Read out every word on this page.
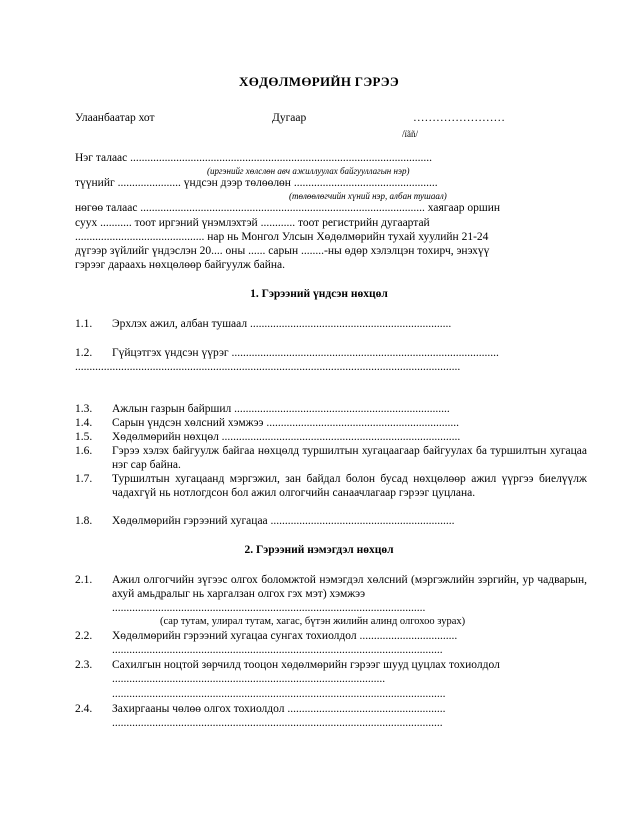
ХӨДӨЛМӨРИЙН ГЭРЭЭ
Улаанбаатар хот	Дугаар	……………………
/ïãñ/
Нэг талаас .........................................................................................................
(иргэнийг хөлслөн авч ажиллуулах байгууллагын нэр)
түүнийг ...................... үндсэн дээр төлөөлөн ..................................................
(төлөөлөгчийн хүний нэр, албан тушаал)
нөгөө талаас ................................................................................................... хаягаар оршин
суух ........... тоот иргэний үнэмлэхтэй ............ тоот регистрийн дугаартай
............................................. нар нь Монгол Улсын Хөдөлмөрийн тухай хуулийн 21-24
дүгээр зүйлийг үндэслэн 20.... оны ...... сарын ........-ны өдөр хэлэлцэн тохирч, энэхүү
гэрээг дараахь нөхцөлөөр байгуулж байна.
1. Гэрээний үндсэн нөхцөл
1.1. Эрхлэх ажил, албан тушаал ......................................................................
1.2. Гүйцэтгэх үндсэн үүрэг .............................................................................................
......................................................................................................................................
1.3. Ажлын газрын байршил ...........................................................................
1.4. Сарын үндсэн хөлсний хэмжээ ...................................................................
1.5. Хөдөлмөрийн нөхцөл ...................................................................................
1.6. Гэрээ хэлэх байгуулж байгаа нөхцөлд туршилтын хугацаагаар байгуулах ба туршилтын хугацаа нэг сар байна.
1.7. Туршилтын хугацаанд мэргэжил, зан байдал болон бусад нөхцөлөөр ажил үүргээ биелүүлж чадахгүй нь нотлогдсон бол ажил олгогчийн санаачлагаар гэрээг цуцлана.
1.8. Хөдөлмөрийн гэрээний хугацаа ................................................................
2. Гэрээний нэмэгдэл нөхцөл
2.1. Ажил олгогчийн зүгээс олгох боломжтой нэмэгдэл хөлсний (мэргэжлийн зэргийн, ур чадварын, ахуй амьдралыг нь харгалзан олгох гэх мэт) хэмжээ
.............................................................................................................
(сар тутам, улирал тутам, хагас, бүтэн жилийн алинд олгохоо зурах)
2.2. Хөдөлмөрийн гэрээний хугацаа сунгах тохиолдол ..................................
...................................................................................................................
2.3. Сахилгын ноцтой зөрчилд тооцон хөдөлмөрийн гэрээг шууд цуцлах тохиолдол
...............................................................................................
....................................................................................................................
2.4. Захиргааны чөлөө олгох тохиолдол .......................................................
...................................................................................................................
